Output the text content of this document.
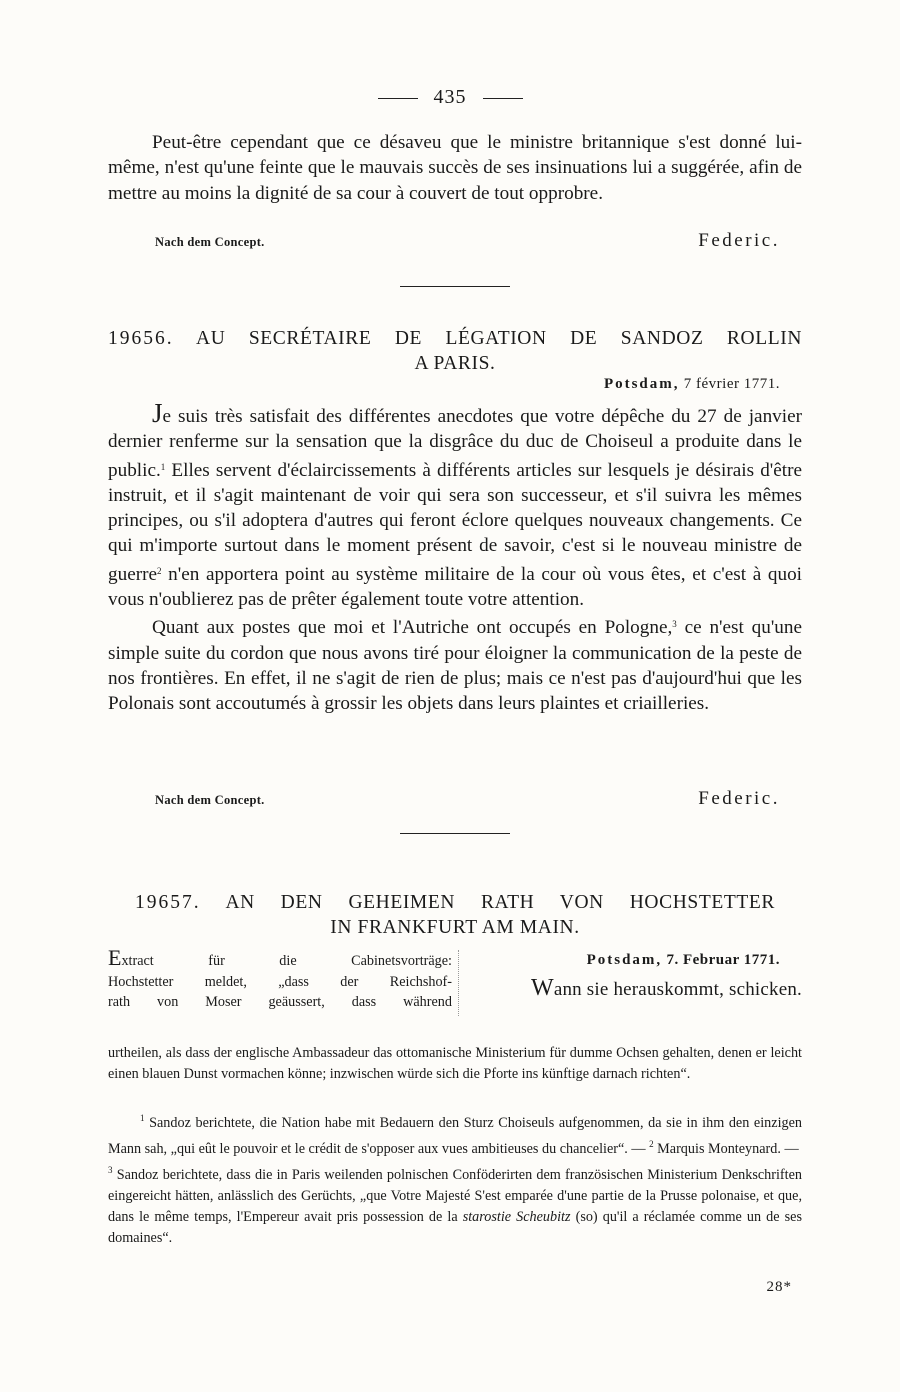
435

Peut-être cependant que ce désaveu que le ministre britannique s'est donné lui-même, n'est qu'une feinte que le mauvais succès de ses insinuations lui a suggérée, afin de mettre au moins la dignité de sa cour à couvert de tout opprobre.

Nach dem Concept.	Federic.
19656. AU SECRÉTAIRE DE LÉGATION DE SANDOZ ROLLIN
A PARIS.
Potsdam, 7 février 1771.

Je suis très satisfait des différentes anecdotes que votre dépêche du 27 de janvier dernier renferme sur la sensation que la disgrâce du duc de Choiseul a produite dans le public.$^1$ Elles servent d'éclaircissements à différents articles sur lesquels je désirais d'être instruit, et il s'agit maintenant de voir qui sera son successeur, et s'il suivra les mêmes principes, ou s'il adoptera d'autres qui feront éclore quelques nouveaux changements. Ce qui m'importe surtout dans le moment présent de savoir, c'est si le nouveau ministre de guerre$^2$ n'en apportera point au système militaire de la cour où vous êtes, et c'est à quoi vous n'oublierez pas de prêter également toute votre attention.

Quant aux postes que moi et l'Autriche ont occupés en Pologne,$^3$ ce n'est qu'une simple suite du cordon que nous avons tiré pour éloigner la communication de la peste de nos frontières. En effet, il ne s'agit de rien de plus; mais ce n'est pas d'aujourd'hui que les Polonais sont accoutumés à grossir les objets dans leurs plaintes et criailleries.

Nach dem Concept.	Federic.
19657. AN DEN GEHEIMEN RATH VON HOCHSTETTER
IN FRANKFURT AM MAIN.
Extract für die Cabinetsvorträge:
Hochstetter meldet, „dass der Reichshof-
rath von Moser geäussert, dass während
Potsdam, 7. Februar 1771.
Wann sie herauskommt, schicken.

urtheilen, als dass der englische Ambassadeur das ottomanische Ministerium für dumme Ochsen gehalten, denen er leicht einen blauen Dunst vormachen könne; inzwischen würde sich die Pforte ins künftige darnach richten“.

$^1$ Sandoz berichtete, die Nation habe mit Bedauern den Sturz Choiseuls aufgenommen, da sie in ihm den einzigen Mann sah, „qui eût le pouvoir et le crédit de s'opposer aux vues ambitieuses du chancelier“. — $^2$ Marquis Monteynard. —

$^3$ Sandoz berichtete, dass die in Paris weilenden polnischen Conföderirten dem französischen Ministerium Denkschriften eingereicht hätten, anlässlich des Gerüchts, „que Votre Majesté S'est emparée d'une partie de la Prusse polonaise, et que, dans le même temps, l'Empereur avait pris possession de la starostie Scheubitz (so) qu'il a réclamée comme un de ses domaines“.

28*
